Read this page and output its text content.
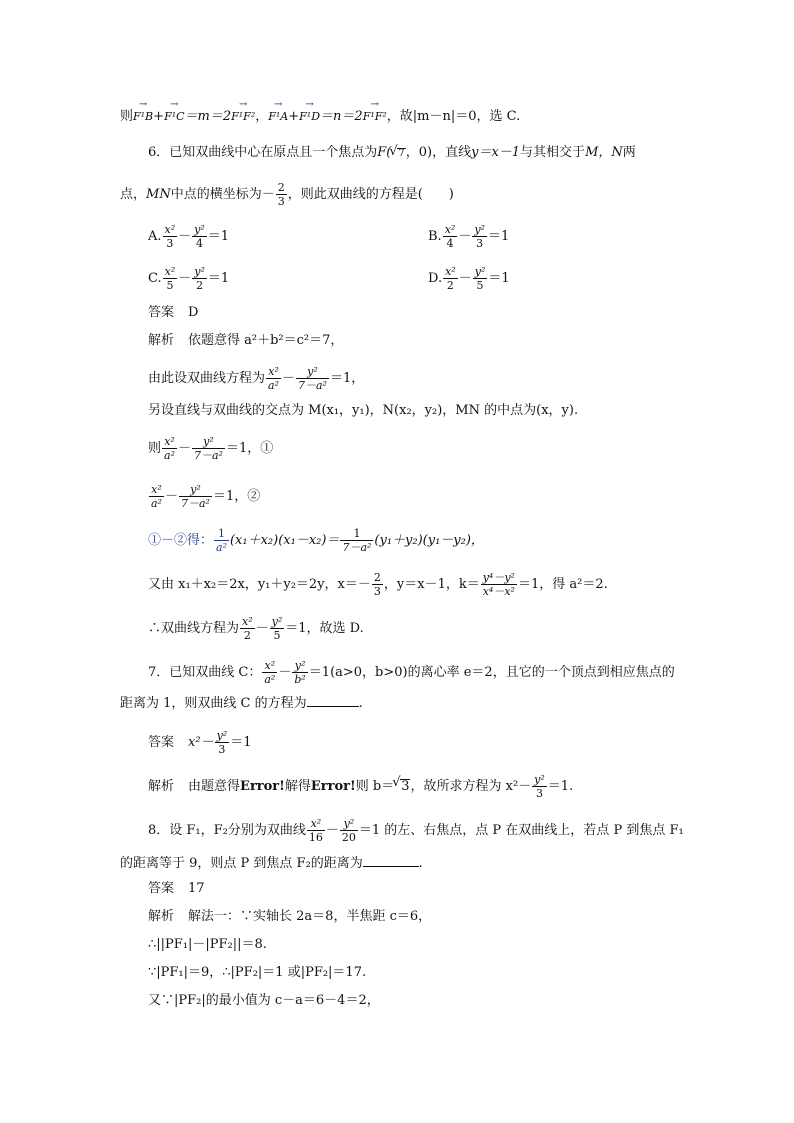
则→ F¹B+→ F¹C＝m＝2→ F¹F²，→ F¹A+→ F¹D＝n＝2→ F¹F²，故|m－n|＝0，选 C.
6．已知双曲线中心在原点且一个焦点为F( √ 7，0)，直线y＝x－1与其相交于M，N两
点，MN中点的横坐标为－ $\frac{2}{3}$ ，则此双曲线的方程是(　　)
A. $\frac{\text{x²}}{3} - \frac{\text{y²}}{4} =1$	B. $\frac{\text{x²}}{4} - \frac{\text{y²}}{3} =1$
C. $\frac{\text{x²}}{5} - \frac{\text{y²}}{2} =1$	D. $\frac{\text{x²}}{2} - \frac{\text{y²}}{5} =1$
答案 D
解析 依题意得 a²＋b²＝c²＝7，
由此设双曲线方程为 $\frac{\text{x²}}{\text{a²}} - \frac{\text{y²}}{\text{7－a²}} =1$，
另设直线与双曲线的交点为 M(x₁，y₁)，N(x₂，y₂)，MN 的中点为(x，y).
则 $\frac{\text{x²}}{\text{a²}} - \frac{\text{y²}}{\text{7－a²}} =1$，①
$\frac{\text{x²}}{\text{a²}} - \frac{\text{y²}}{\text{7－a²}} =1$，②
①－②得： $\frac{1}{\text{a²}} (x_1+x_2)(x_1-x_2)= \frac{1}{\text{7－a²}} (y_1+y_2)(y_1-y_2)$，
又由 x₁＋x₂＝2x，y₁＋y₂＝2y，$x=- \frac{2}{3}$ ，y＝x－1，$k= \frac{\text{y⁴－y²}}{\text{x⁴－x²}} =1$，得 a²＝2.
∴双曲线方程为 $\frac{\text{x²}}{2} - \frac{\text{y²}}{5} =1$，故选 D.
7．已知双曲线 C： $\frac{\text{x²}}{\text{a²}} - \frac{\text{y²}}{\text{b²}} =1(a>0$，b>0)的离心率 e＝2，且它的一个顶点到相应焦点的
距离为 1，则双曲线 C 的方程为	.
答案 $x^2- \frac{\text{y²}}{3} =1$
解析 由题意得Error!解得Error!则 b＝ √ 3，故所求方程为 $x^2- \frac{\text{y²}}{3} =1$.
8．设 F₁，F₂分别为双曲线 $\frac{\text{x²}}{16} - \frac{\text{y²}}{20} =1$ 的左、右焦点，点 P 在双曲线上，若点 P 到焦点 F₁
的距离等于 9，则点 P 到焦点 F₂的距离为	.
答案 17
解析 解法一：∵实轴长 2a＝8，半焦距 c＝6，
∴||PF₁|－|PF₂||＝8.
∵|PF₁|＝9，∴|PF₂|＝1 或|PF₂|＝17.
又∵|PF₂|的最小值为 c－a＝6－4＝2，
